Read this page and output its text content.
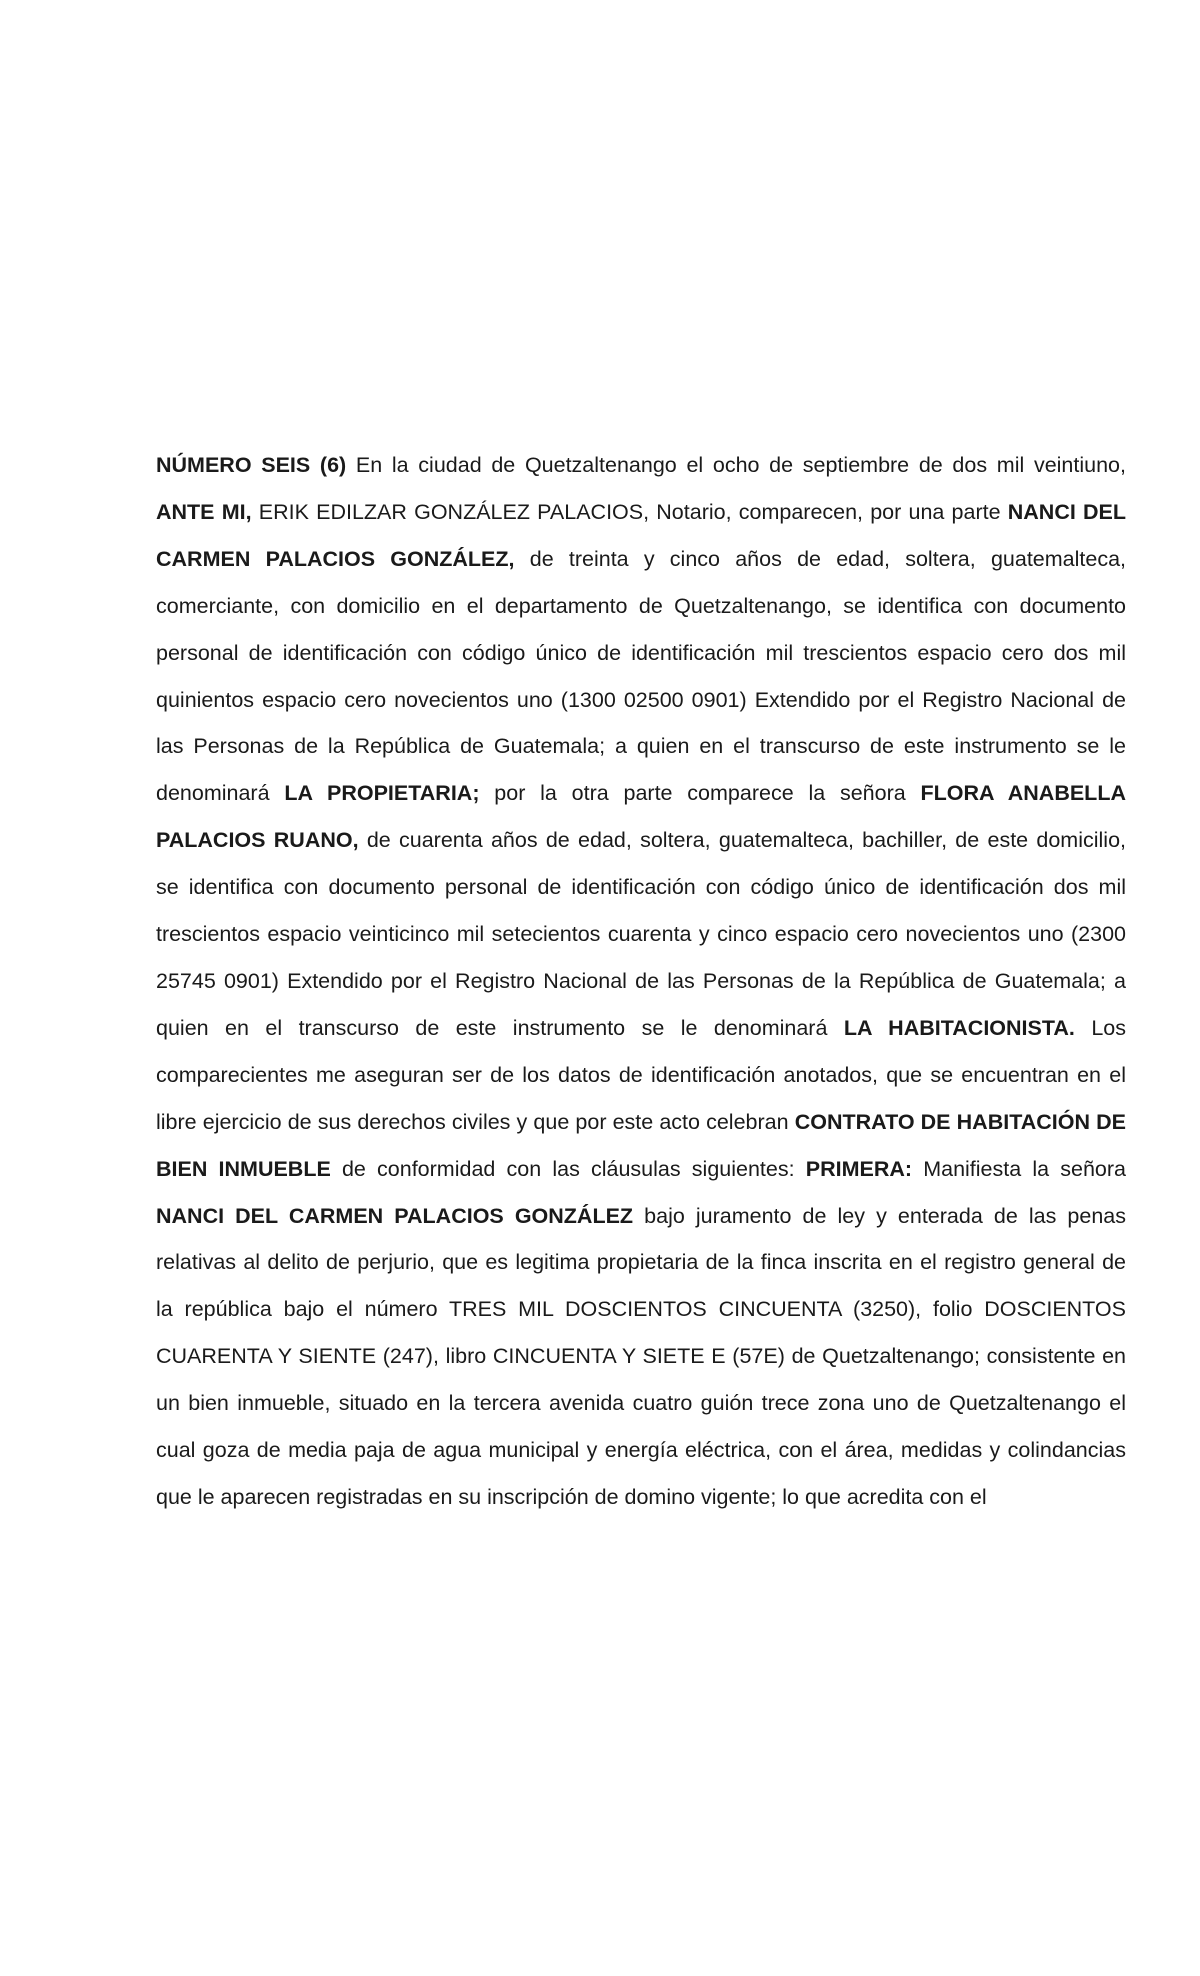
NÚMERO SEIS (6) En la ciudad de Quetzaltenango el ocho de septiembre de dos mil veintiuno, ANTE MI, ERIK EDILZAR GONZÁLEZ PALACIOS, Notario, comparecen, por una parte NANCI DEL CARMEN PALACIOS GONZÁLEZ, de treinta y cinco años de edad, soltera, guatemalteca, comerciante, con domicilio en el departamento de Quetzaltenango, se identifica con documento personal de identificación con código único de identificación mil trescientos espacio cero dos mil quinientos espacio cero novecientos uno (1300 02500 0901) Extendido por el Registro Nacional de las Personas de la República de Guatemala; a quien en el transcurso de este instrumento se le denominará LA PROPIETARIA; por la otra parte comparece la señora FLORA ANABELLA PALACIOS RUANO, de cuarenta años de edad, soltera, guatemalteca, bachiller, de este domicilio, se identifica con documento personal de identificación con código único de identificación dos mil trescientos espacio veinticinco mil setecientos cuarenta y cinco espacio cero novecientos uno (2300 25745 0901) Extendido por el Registro Nacional de las Personas de la República de Guatemala; a quien en el transcurso de este instrumento se le denominará LA HABITACIONISTA. Los comparecientes me aseguran ser de los datos de identificación anotados, que se encuentran en el libre ejercicio de sus derechos civiles y que por este acto celebran CONTRATO DE HABITACIÓN DE BIEN INMUEBLE de conformidad con las cláusulas siguientes: PRIMERA: Manifiesta la señora NANCI DEL CARMEN PALACIOS GONZÁLEZ bajo juramento de ley y enterada de las penas relativas al delito de perjurio, que es legitima propietaria de la finca inscrita en el registro general de la república bajo el número TRES MIL DOSCIENTOS CINCUENTA (3250), folio DOSCIENTOS CUARENTA Y SIENTE (247), libro CINCUENTA Y SIETE E (57E) de Quetzaltenango; consistente en un bien inmueble, situado en la tercera avenida cuatro guión trece zona uno de Quetzaltenango el cual goza de media paja de agua municipal y energía eléctrica, con el área, medidas y colindancias que le aparecen registradas en su inscripción de domino vigente; lo que acredita con el
